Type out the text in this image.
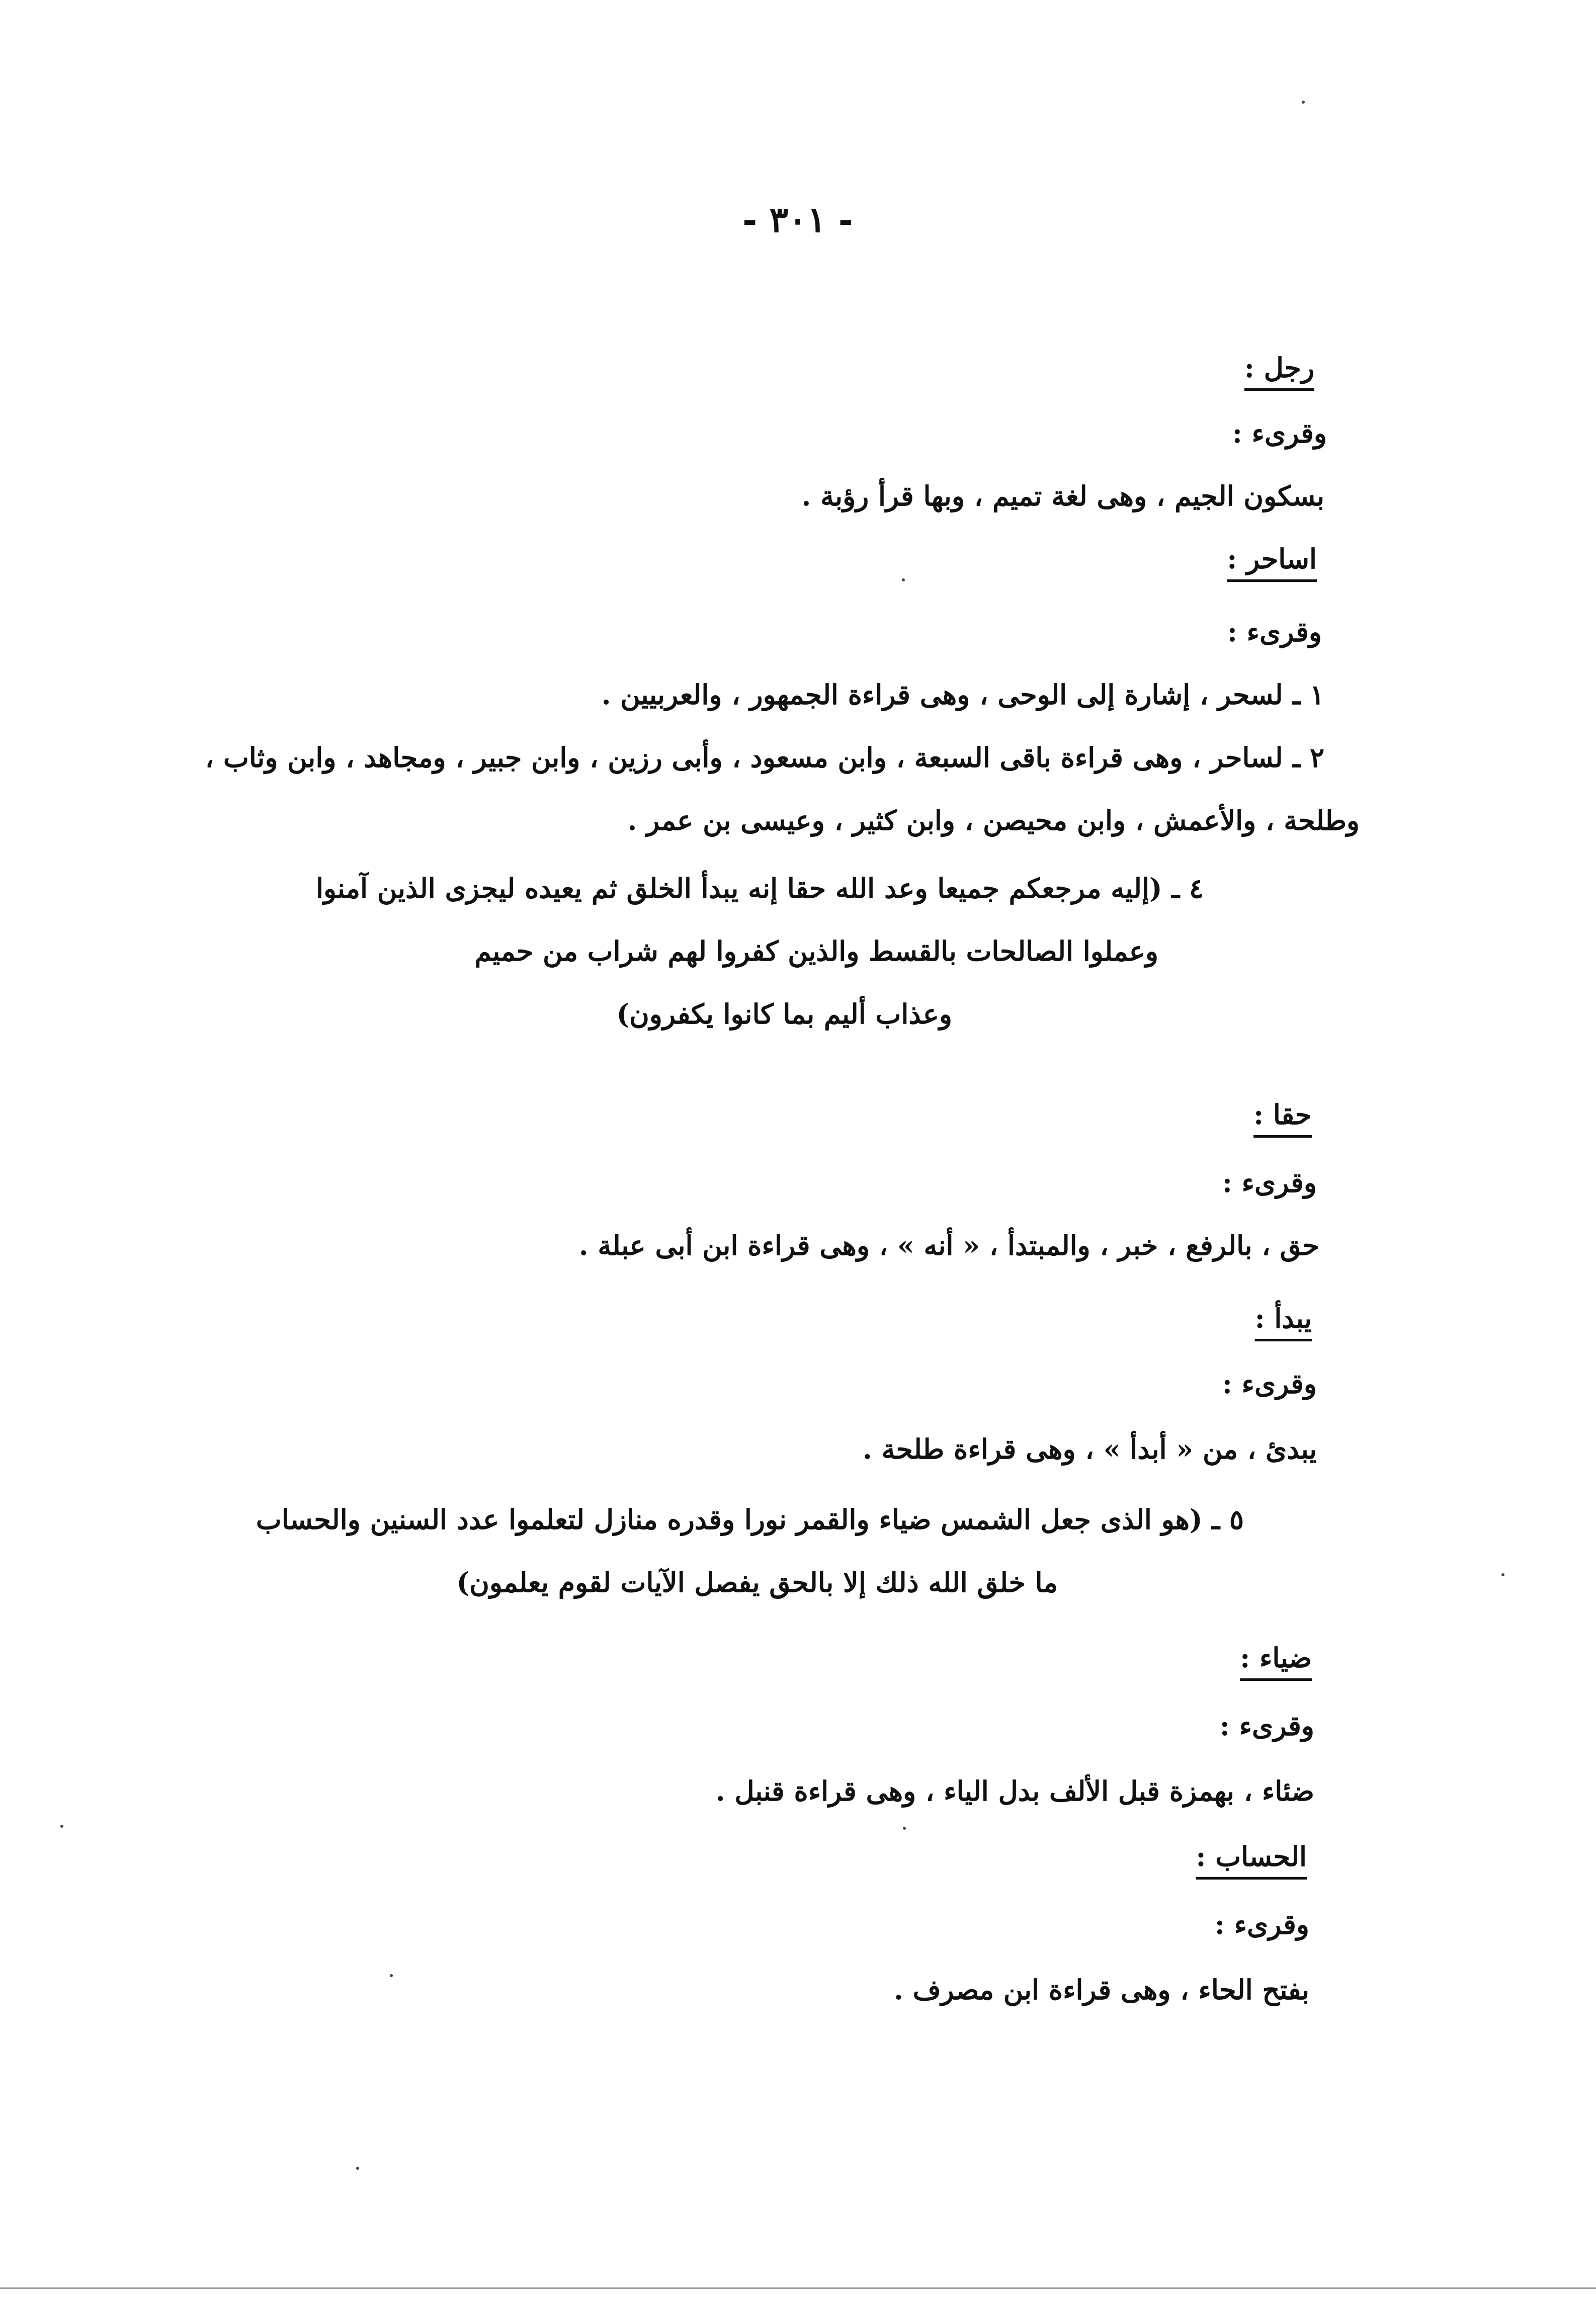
- ٣٠١ -
رجل :
وقرىء :
بسكون الجيم ، وهى لغة تميم ، وبها قرأ رؤبة .
اساحر :
وقرىء :
١ ـ لسحر ، إشارة إلى الوحى ، وهى قراءة الجمهور ، والعربيين .
٢ ـ لساحر ، وهى قراءة باقى السبعة ، وابن مسعود ، وأبى رزين ، وابن جبير ، ومجاهد ، وابن وثاب ،
وطلحة ، والأعمش ، وابن محيصن ، وابن كثير ، وعيسى بن عمر .
٤ ـ (إليه مرجعكم جميعا وعد الله حقا إنه يبدأ الخلق ثم يعيده ليجزى الذين آمنوا
وعملوا الصالحات بالقسط والذين كفروا لهم شراب من حميم
وعذاب أليم بما كانوا يكفرون)
حقا :
وقرىء :
حق ، بالرفع ، خبر ، والمبتدأ ، « أنه » ، وهى قراءة ابن أبى عبلة .
يبدأ :
وقرىء :
يبدئ ، من « أبدأ » ، وهى قراءة طلحة .
٥ ـ (هو الذى جعل الشمس ضياء والقمر نورا وقدره منازل لتعلموا عدد السنين والحساب
ما خلق الله ذلك إلا بالحق يفصل الآيات لقوم يعلمون)
ضياء :
وقرىء :
ضئاء ، بهمزة قبل الألف بدل الياء ، وهى قراءة قنبل .
الحساب :
وقرىء :
بفتح الحاء ، وهى قراءة ابن مصرف .
